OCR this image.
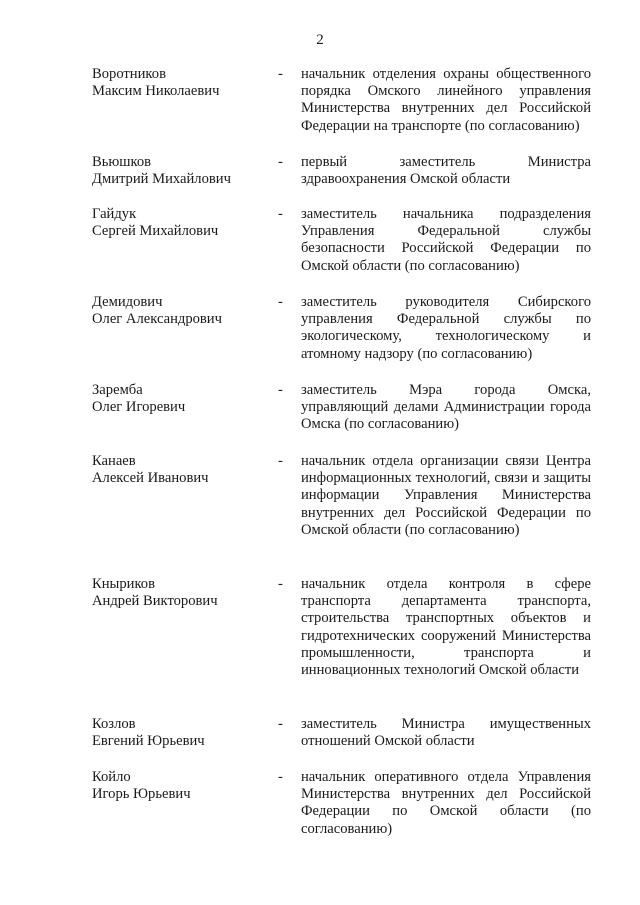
2
Воротников
Максим Николаевич
-	начальник отделения охраны общественного порядка Омского линейного управления Министерства внутренних дел Российской Федерации на транспорте (по согласованию)
Вьюшков
Дмитрий Михайлович
-	первый заместитель Министра здравоохранения Омской области
Гайдук
Сергей Михайлович
-	заместитель начальника подразделения Управления Федеральной службы безопасности Российской Федерации по Омской области (по согласованию)
Демидович
Олег Александрович
-	заместитель руководителя Сибирского управления Федеральной службы по экологическому, технологическому и атомному надзору (по согласованию)
Заремба
Олег Игоревич
-	заместитель Мэра города Омска, управляющий делами Администрации города Омска (по согласованию)
Канаев
Алексей Иванович
-	начальник отдела организации связи Центра информационных технологий, связи и защиты информации Управления Министерства внутренних дел Российской Федерации по Омской области (по согласованию)
Кныриков
Андрей Викторович
-	начальник отдела контроля в сфере транспорта департамента транспорта, строительства транспортных объектов и гидротехнических сооружений Министерства промышленности, транспорта и инновационных технологий Омской области
Козлов
Евгений Юрьевич
-	заместитель Министра имущественных отношений Омской области
Койло
Игорь Юрьевич
-	начальник оперативного отдела Управления Министерства внутренних дел Российской Федерации по Омской области (по согласованию)
